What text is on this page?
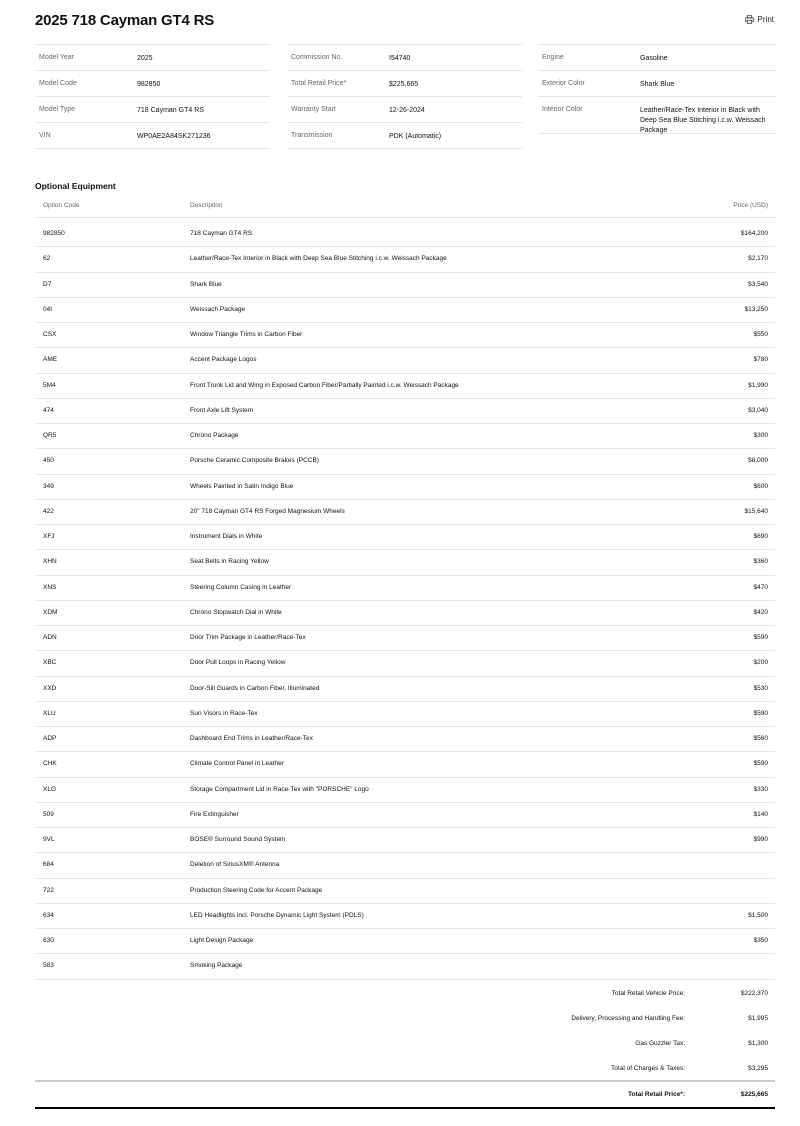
2025 718 Cayman GT4 RS	Print
Model Year	2025
Model Code	982850
Model Type	718 Cayman GT4 RS
VIN	WP0AE2A84SK271236
Commission No.	I54740
Total Retail Price*	$225,665
Warranty Start	12-26-2024
Transmission	PDK (Automatic)
Engine	Gasoline
Exterior Color	Shark Blue
Interior Color	Leather/Race-Tex Interior in Black with Deep Sea Blue Stitching i.c.w. Weissach Package
Optional Equipment
Option Code	Description	Price (USD)
982850	718 Cayman GT4 RS	$164,200
62	Leather/Race-Tex Interior in Black with Deep Sea Blue Stitching i.c.w. Weissach Package	$2,170
D7	Shark Blue	$3,540
04I	Weissach Package	$13,250
CSX	Window Triangle Trims in Carbon Fiber	$550
AME	Accent Package Logos	$780
5M4	Front Trunk Lid and Wing in Exposed Carbon Fiber/Partially Painted i.c.w. Weissach Package	$1,990
474	Front Axle Lift System	$3,040
QR5	Chrono Package	$300
450	Porsche Ceramic Composite Brakes (PCCB)	$8,000
349	Wheels Painted in Satin Indigo Blue	$600
422	20" 718 Cayman GT4 RS Forged Magnesium Wheels	$15,640
XFJ	Instrument Dials in White	$690
XHN	Seat Belts in Racing Yellow	$360
XNS	Steering Column Casing in Leather	$470
XDM	Chrono Stopwatch Dial in White	$420
ADN	Door Trim Package in Leather/Race-Tex	$590
XBC	Door Pull Loops in Racing Yellow	$200
XXD	Door-Sill Guards in Carbon Fiber, Illuminated	$530
XLU	Sun Visors in Race-Tex	$590
ADP	Dashboard End Trims in Leather/Race-Tex	$560
CHK	Climate Control Panel in Leather	$590
XLG	Storage Compartment Lid in Race-Tex with "PORSCHE" Logo	$330
509	Fire Extinguisher	$140
9VL	BOSE® Surround Sound System	$990
684	Deletion of SiriusXM® Antenna
722	Production Steering Code for Accent Package
634	LED Headlights incl. Porsche Dynamic Light System (PDLS)	$1,500
630	Light Design Package	$350
583	Smoking Package
Total Retail Vehicle Price:	$222,370
Delivery, Processing and Handling Fee:	$1,995
Gas Guzzler Tax:	$1,300
Total of Charges & Taxes:	$3,295
Total Retail Price*:	$225,665
